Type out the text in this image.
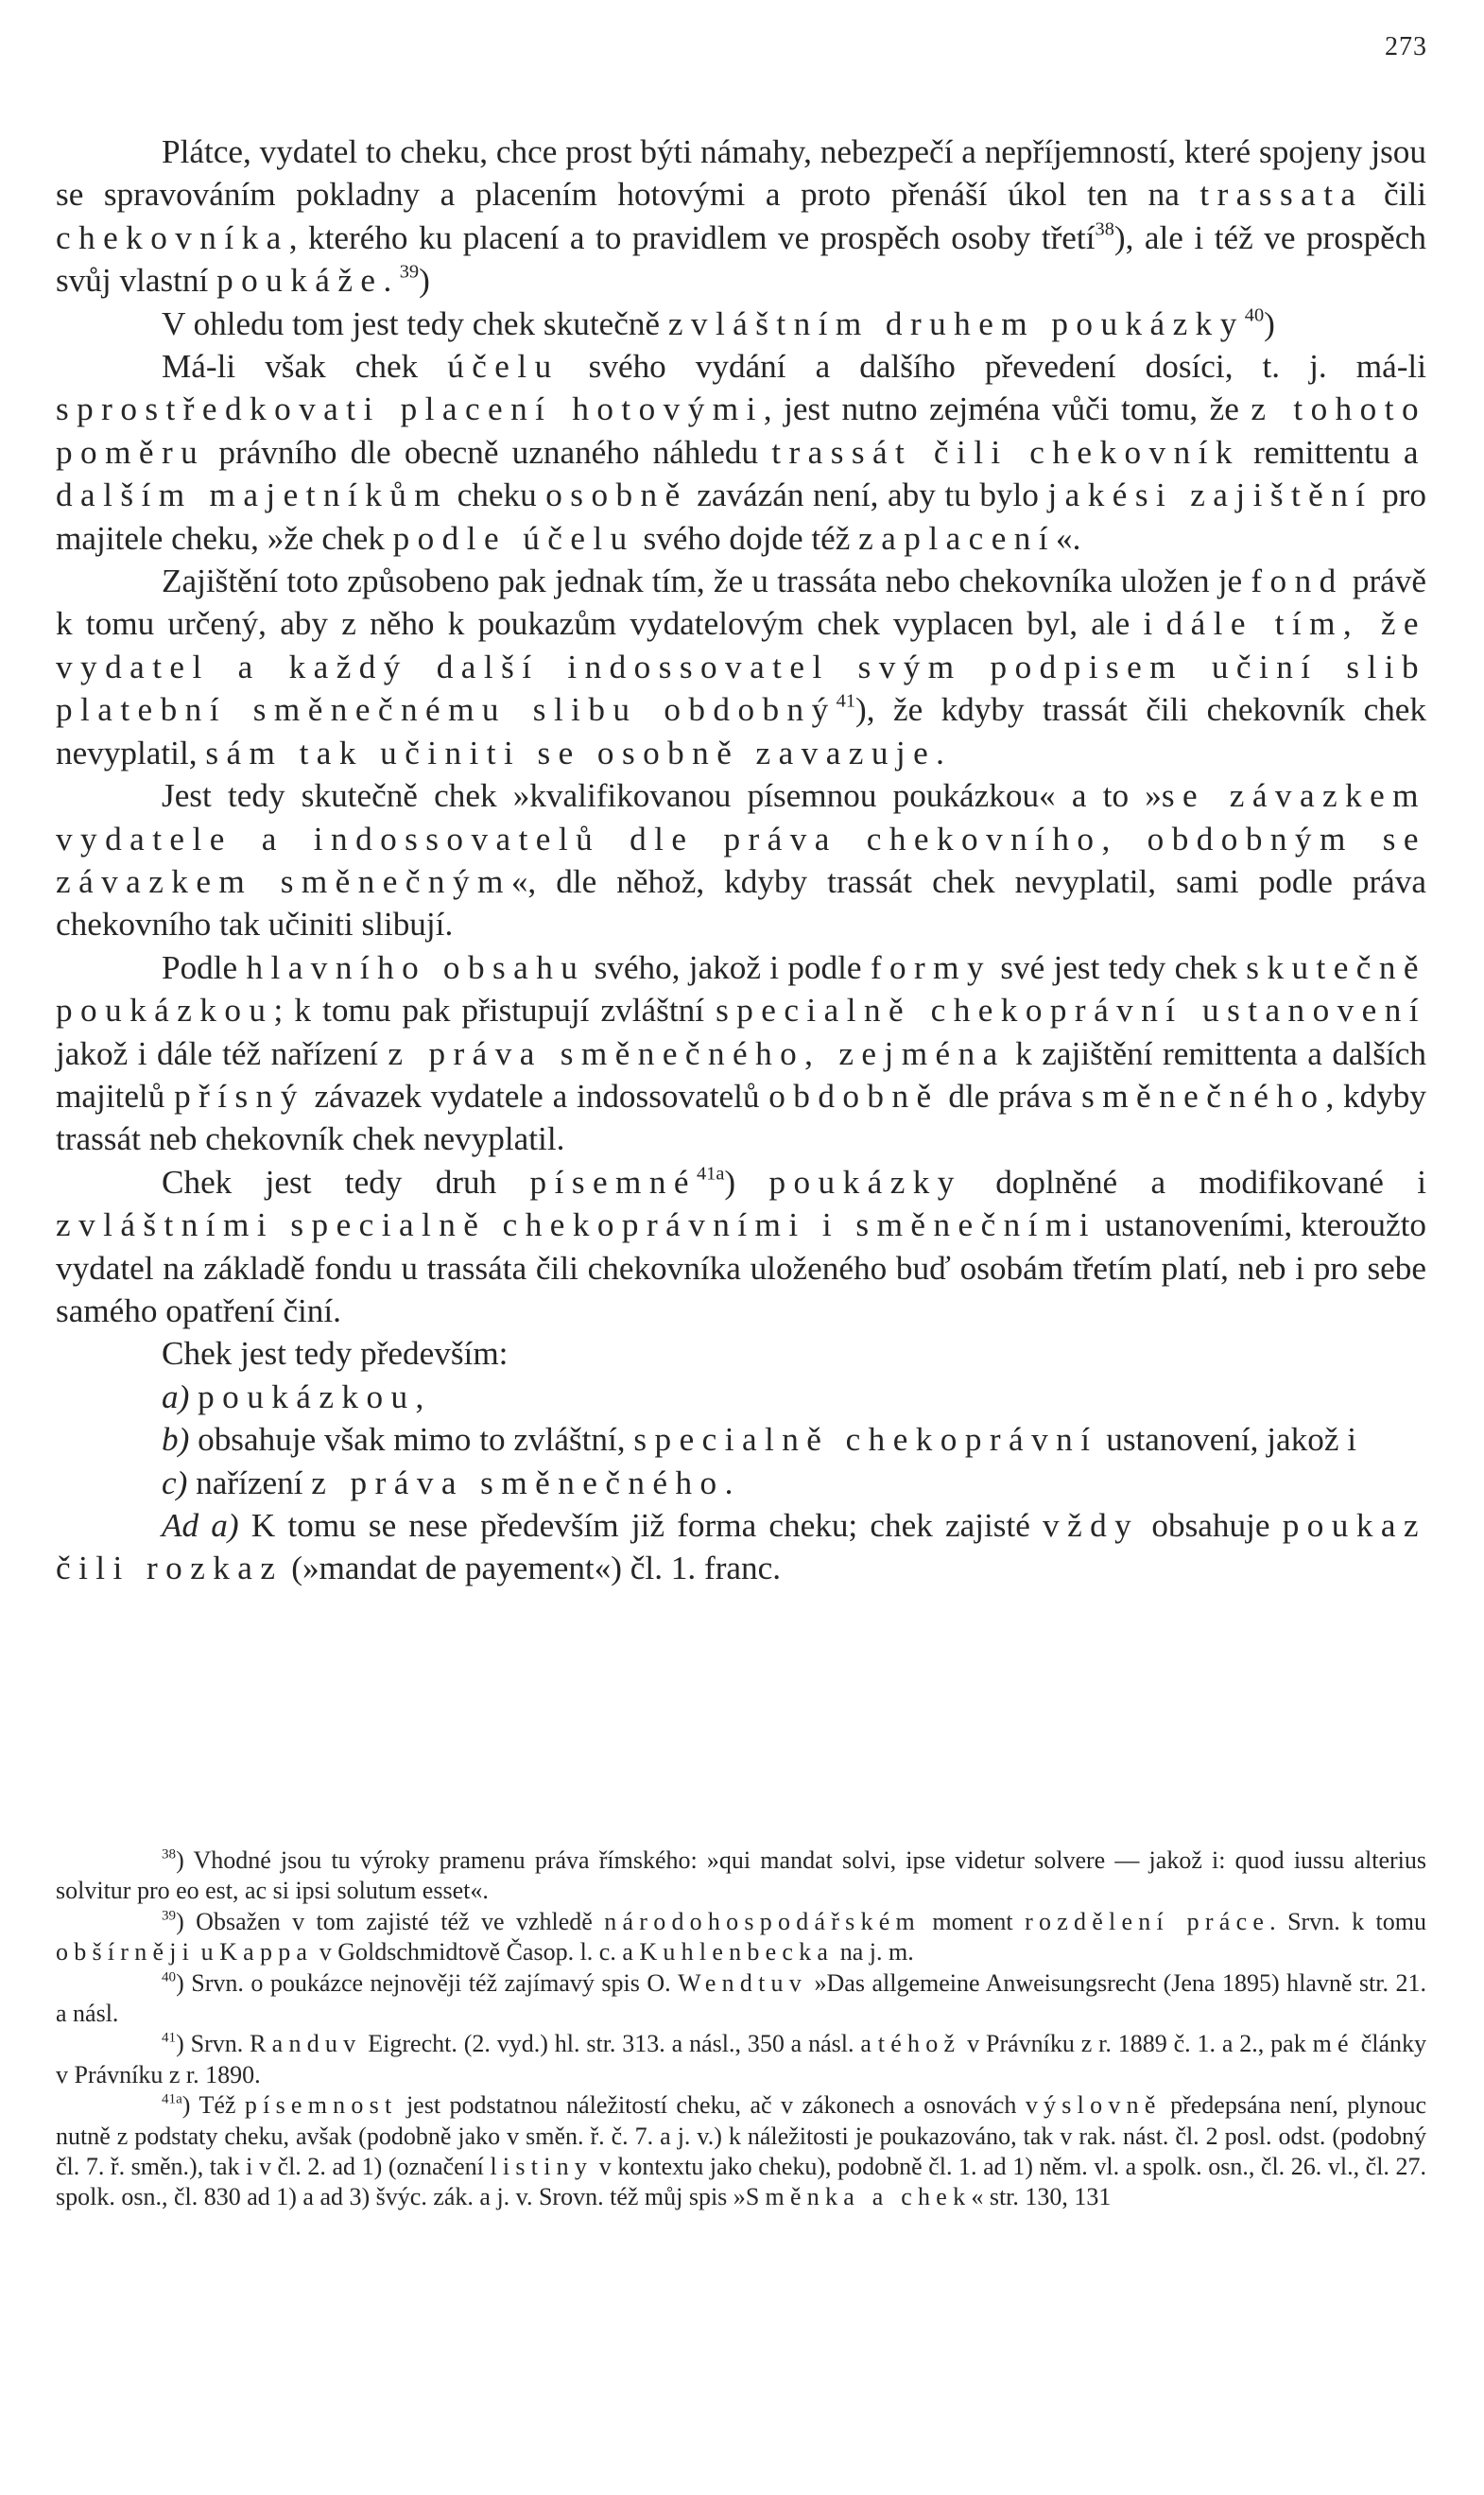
273

Plátce, vydatel to cheku, chce prost býti námahy, nebezpečí a nepříjemností, které spojeny jsou se spravováním pokladny a placením hotovými a proto přenáší úkol ten na trassata čili chekovníka, kterého ku placení a to pravidlem ve prospěch osoby třetí$^{38}$), ale i též ve prospěch svůj vlastní poukáže.$^{39}$)

V ohledu tom jest tedy chek skutečně zvláštním druhem poukázky$^{40}$)

Má-li však chek účelu svého vydání a dalšího převedení dosíci, t. j. má-li sprostředkovati placení hotovými, jest nutno zejména vůči tomu, že z tohoto poměru právního dle obecně uznaného náhledu trassát čili chekovník remittentu a dalším majetníkům cheku osobně zavázán není, aby tu bylo jakési zajištění pro majitele cheku, »že chek podle účelu svého dojde též zaplacení«.

Zajištění toto způsobeno pak jednak tím, že u trassáta nebo chekovníka uložen je fond právě k tomu určený, aby z něho k poukazům vydatelovým chek vyplacen byl, ale i dále tím, že vydatel a každý další indossovatel svým podpisem učiní slib platební směnečnému slibu obdobný$^{41}$), že kdyby trassát čili chekovník chek nevyplatil, sám tak učiniti se osobně zavazuje.

Jest tedy skutečně chek »kvalifikovanou písemnou poukázkou« a to »se závazkem vydatele a indossovatelů dle práva chekovního, obdobným se závazkem směnečným«, dle něhož, kdyby trassát chek nevyplatil, sami podle práva chekovního tak učiniti slibují.

Podle hlavního obsahu svého, jakož i podle formy své jest tedy chek skutečně poukázkou; k tomu pak přistupují zvláštní specialně chekoprávní ustanovení jakož i dále též nařízení z práva směnečného, zejména k zajištění remittenta a dalších majitelů přísný závazek vydatele a indossovatelů obdobně dle práva směnečného, kdyby trassát neb chekovník chek nevyplatil.

Chek jest tedy druh písemné$^{41a}$) poukázky doplněné a modifikované i zvláštními specialně chekoprávními i směnečními ustanoveními, kteroužto vydatel na základě fondu u trassáta čili chekovníka uloženého buď osobám třetím platí, neb i pro sebe samého opatření činí.

Chek jest tedy především:

a) poukázkou,

b) obsahuje však mimo to zvláštní, specialně chekoprávní ustanovení, jakož i

c) nařízení z práva směnečného.

Ad a) K tomu se nese především již forma cheku; chek zajisté vždy obsahuje poukaz čili rozkaz (»mandat de payement«) čl. 1. franc.

$^{38}$) Vhodné jsou tu výroky pramenu práva římského: »qui mandat solvi, ipse videtur solvere — jakož i: quod iussu alterius solvitur pro eo est, ac si ipsi solutum esset«.

$^{39}$) Obsažen v tom zajisté též ve vzhledě národohospodářském moment rozdělení práce. Srvn. k tomu obšírněji u Kappa v Goldschmidtově Časop. l. c. a Kuhlenbecka na j. m.

$^{40}$) Srvn. o poukázce nejnověji též zajímavý spis O. Wendtuv »Das allgemeine Anweisungsrecht (Jena 1895) hlavně str. 21. a násl.

$^{41}$) Srvn. Randuv Eigrecht. (2. vyd.) hl. str. 313. a násl., 350 a násl. a téhož v Právníku z r. 1889 č. 1. a 2., pak mé články v Právníku z r. 1890.

$^{41a}$) Též písemnost jest podstatnou náležitostí cheku, ač v zákonech a osnovách výslovně předepsána není, plynouc nutně z podstaty cheku, avšak (podobně jako v směn. ř. č. 7. a j. v.) k náležitosti je poukazováno, tak v rak. nást. čl. 2 posl. odst. (podobný čl. 7. ř. směn.), tak i v čl. 2. ad 1) (označení listiny v kontextu jako cheku), podobně čl. 1. ad 1) něm. vl. a spolk. osn., čl. 26. vl., čl. 27. spolk. osn., čl. 830 ad 1) a ad 3) švýc. zák. a j. v. Srovn. též můj spis »Směnka a chek« str. 130, 131
